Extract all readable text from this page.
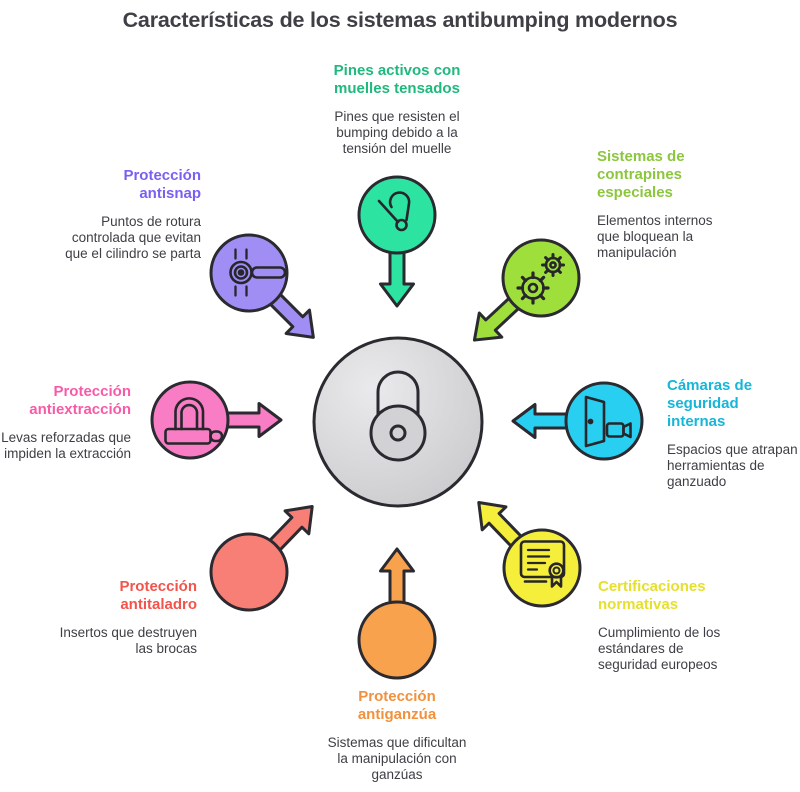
Características de los sistemas antibumping modernos
Pines activos con muelles tensados
Pines que resisten el bumping debido a la tensión del muelle	Sistemas de contrapines especiales
Elementos internos que bloquean la manipulación
Cámaras de seguridad internas
Espacios que atrapan herramientas de ganzuado
Certificaciones normativas
Cumplimiento de los estándares de seguridad europeos
Protección antiganzúa
Sistemas que dificultan la manipulación con ganzúas
Protección antitaladro
Insertos que destruyen las brocas
Protección antiextracción
Levas reforzadas que impiden la extracción
Protección antisnap
Puntos de rotura controlada que evitan que el cilindro se parta
